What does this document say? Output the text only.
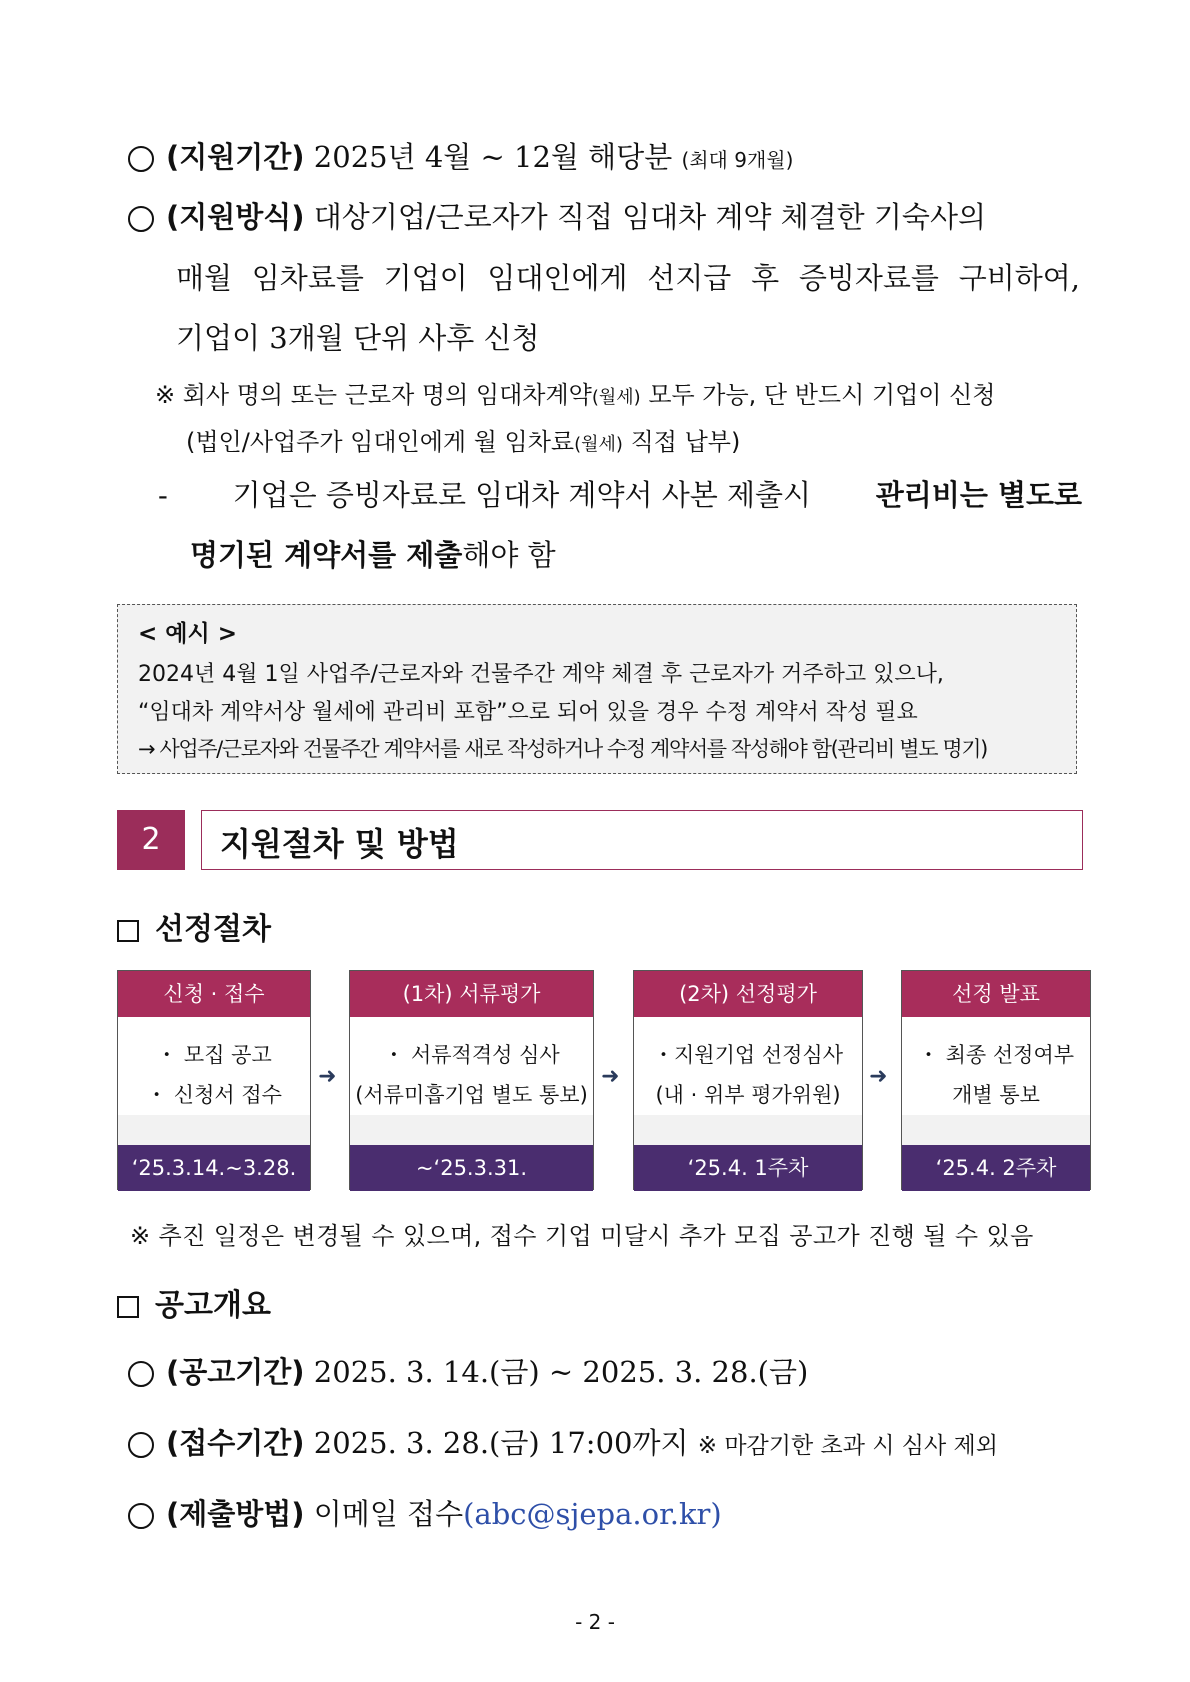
(지원기간) 2025년 4월 ~ 12월 해당분 (최대 9개월)
(지원방식) 대상기업/근로자가 직접 임대차 계약 체결한 기숙사의
매월 임차료를 기업이 임대인에게 선지급 후 증빙자료를 구비하여,
기업이 3개월 단위 사후 신청
※ 회사 명의 또는 근로자 명의 임대차계약(월세) 모두 가능, 단 반드시 기업이 신청
(법인/사업주가 임대인에게 월 임차료(월세) 직접 납부)
- 기업은 증빙자료로 임대차 계약서 사본 제출시 관리비는 별도로
명기된 계약서를 제출해야 함
< 예시 >
2024년 4월 1일 사업주/근로자와 건물주간 계약 체결 후 근로자가 거주하고 있으나,
“임대차 계약서상 월세에 관리비 포함”으로 되어 있을 경우 수정 계약서 작성 필요
→ 사업주/근로자와 건물주간 계약서를 새로 작성하거나 수정 계약서를 작성해야 함(관리비 별도 명기)
2	지원절차 및 방법
선정절차
신청 · 접수
・ 모집 공고
・ 신청서 접수
‘25.3.14.~3.28.
➜
(1차) 서류평가
・ 서류적격성 심사
(서류미흡기업 별도 통보)
~‘25.3.31.
➜
(2차) 선정평가
・지원기업 선정심사
(내 · 위부 평가위원)
‘25.4. 1주차
➜
선정 발표
・ 최종 선정여부
개별 통보
‘25.4. 2주차
※ 추진 일정은 변경될 수 있으며, 접수 기업 미달시 추가 모집 공고가 진행 될 수 있음
공고개요
(공고기간) 2025. 3. 14.(금) ~ 2025. 3. 28.(금)
(접수기간) 2025. 3. 28.(금) 17:00까지 ※ 마감기한 초과 시 심사 제외
(제출방법) 이메일 접수(abc@sjepa.or.kr)
- 2 -
